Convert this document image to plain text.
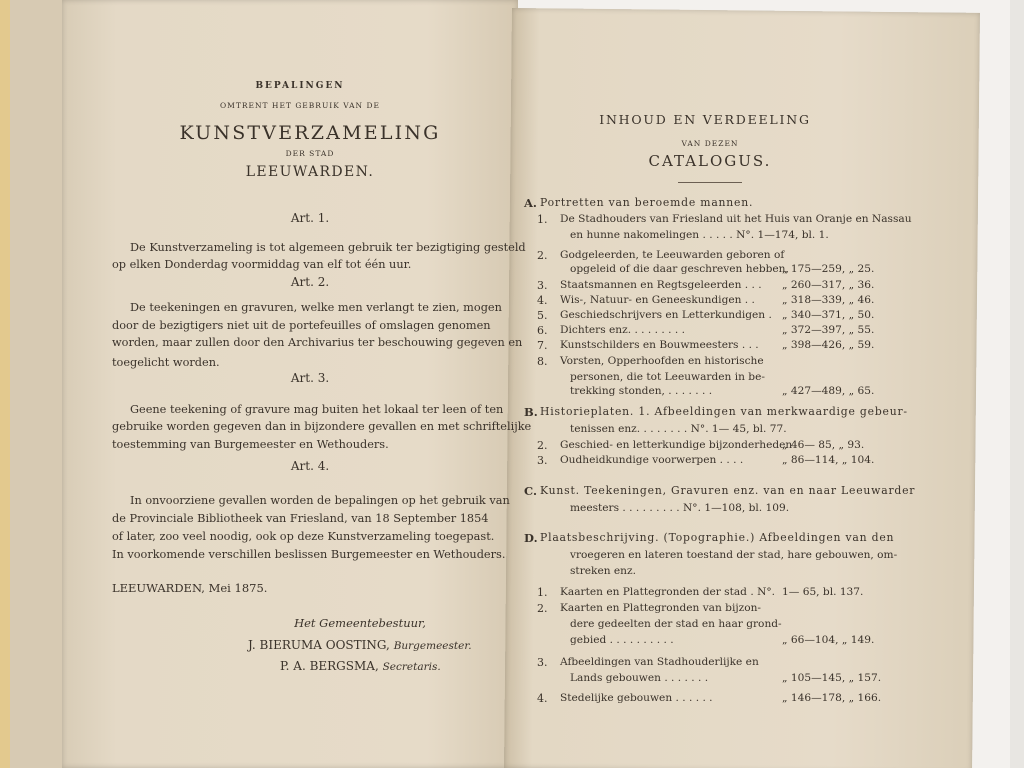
BEPALINGEN
OMTRENT HET GEBRUIK VAN DE
KUNSTVERZAMELING
DER STAD
LEEUWARDEN.
Art. 1.
De Kunstverzameling is tot algemeen gebruik ter bezigtiging gesteld
op elken Donderdag voormiddag van elf tot één uur.
Art. 2.
De teekeningen en gravuren, welke men verlangt te zien, mogen
door de bezigtigers niet uit de portefeuilles of omslagen genomen
worden, maar zullen door den Archivarius ter beschouwing gegeven en
toegelicht worden.
Art. 3.
Geene teekening of gravure mag buiten het lokaal ter leen of ten
gebruike worden gegeven dan in bijzondere gevallen en met schriftelijke
toestemming van Burgemeester en Wethouders.
Art. 4.
In onvoorziene gevallen worden de bepalingen op het gebruik van
de Provinciale Bibliotheek van Friesland, van 18 September 1854
of later, zoo veel noodig, ook op deze Kunstverzameling toegepast.
In voorkomende verschillen beslissen Burgemeester en Wethouders.
LEEUWARDEN, Mei 1875.
Het Gemeentebestuur,
J. BIERUMA OOSTING, Burgemeester.
P. A. BERGSMA, Secretaris.
INHOUD EN VERDEELING
VAN DEZEN
CATALOGUS.
A. Portretten van beroemde mannen.
1. De Stadhouders van Friesland uit het Huis van Oranje en Nassau
en hunne nakomelingen . . . . . N°. 1—174, bl. 1.
2. Godgeleerden, te Leeuwarden geboren of
opgeleid of die daar geschreven hebben,
„ 175—259, „ 25.
3. Staatsmannen en Regtsgeleerden . . . „ 260—317, „ 36.
4. Wis-, Natuur- en Geneeskundigen . .	„ 318—339, „ 46.
5. Geschiedschrijvers en Letterkundigen . „ 340—371, „ 50.
6. Dichters enz. . . . . . . . .	„ 372—397, „ 55.
7. Kunstschilders en Bouwmeesters . . . „ 398—426, „ 59.
8. Vorsten, Opperhoofden en historische
personen, die tot Leeuwarden in be-
trekking stonden, . . . . . . .	„ 427—489, „ 65.
B. Historieplaten. 1. Afbeeldingen van merkwaardige gebeur-
tenissen enz. . . . . . . . N°. 1— 45, bl. 77.
2. Geschied- en letterkundige bijzonderheden
„ 46— 85, „ 93.
3. Oudheidkundige voorwerpen . . . .	„ 86—114, „ 104.
C. Kunst. Teekeningen, Gravuren enz. van en naar Leeuwarder
meesters . . . . . . . . . N°. 1—108, bl. 109.
D. Plaatsbeschrijving. (Topographie.) Afbeeldingen van den
vroegeren en lateren toestand der stad, hare gebouwen, om-
streken enz.
1. Kaarten en Plattegronden der stad . N°. 1— 65, bl. 137.
2. Kaarten en Plattegronden van bijzon-
dere gedeelten der stad en haar grond-
gebied . . . . . . . . . .	„ 66—104, „ 149.
3. Afbeeldingen van Stadhouderlijke en
Lands gebouwen . . . . . . .	„ 105—145, „ 157.
4. Stedelijke gebouwen . . . . . .	„ 146—178, „ 166.
